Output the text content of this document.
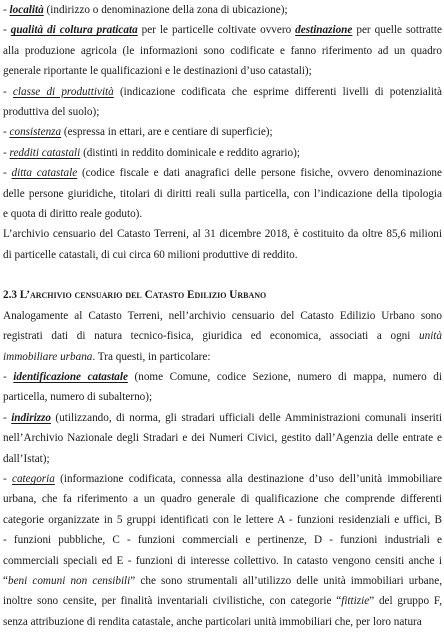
- località (indirizzo o denominazione della zona di ubicazione);
- qualità di coltura praticata per le particelle coltivate ovvero destinazione per quelle sottratte
alla produzione agricola (le informazioni sono codificate e fanno riferimento ad un quadro
generale riportante le qualificazioni e le destinazioni d’uso catastali);
- classe di produttività (indicazione codificata che esprime differenti livelli di potenzialità
produttiva del suolo);
- consistenza (espressa in ettari, are e centiare di superficie);
- redditi catastali (distinti in reddito dominicale e reddito agrario);
- ditta catastale (codice fiscale e dati anagrafici delle persone fisiche, ovvero denominazione
delle persone giuridiche, titolari di diritti reali sulla particella, con l’indicazione della tipologia
e quota di diritto reale goduto).
L’archivio censuario del Catasto Terreni, al 31 dicembre 2018, è costituito da oltre 85,6 milioni
di particelle catastali, di cui circa 60 milioni produttive di reddito.
2.3 L’archivio censuario del Catasto Edilizio Urbano
Analogamente al Catasto Terreni, nell’archivio censuario del Catasto Edilizio Urbano sono
registrati dati di natura tecnico-fisica, giuridica ed economica, associati a ogni unità
immobiliare urbana. Tra questi, in particolare:
- identificazione catastale (nome Comune, codice Sezione, numero di mappa, numero di
particella, numero di subalterno);
- indirizzo (utilizzando, di norma, gli stradari ufficiali delle Amministrazioni comunali inseriti
nell’Archivio Nazionale degli Stradari e dei Numeri Civici, gestito dall’Agenzia delle entrate e
dall’Istat);
- categoria (informazione codificata, connessa alla destinazione d’uso dell’unità immobiliare
urbana, che fa riferimento a un quadro generale di qualificazione che comprende differenti
categorie organizzate in 5 gruppi identificati con le lettere A - funzioni residenziali e uffici, B
- funzioni pubbliche, C - funzioni commerciali e pertinenze, D - funzioni industriali e
commerciali speciali ed E - funzioni di interesse collettivo. In catasto vengono censiti anche i
“beni comuni non censibili” che sono strumentali all’utilizzo delle unità immobiliari urbane,
inoltre sono censite, per finalità inventariali civilistiche, con categorie “fittizie” del gruppo F,
senza attribuzione di rendita catastale, anche particolari unità immobiliari che, per loro natura
